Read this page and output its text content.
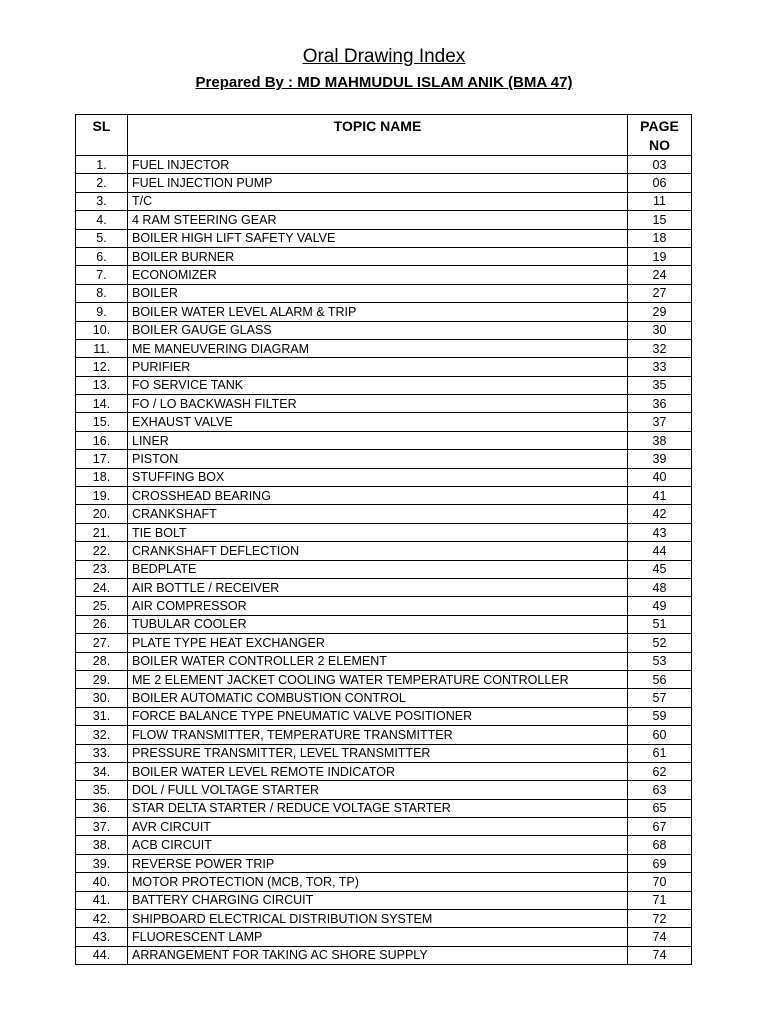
Oral Drawing Index
Prepared By : MD MAHMUDUL ISLAM ANIK (BMA 47)
SL	TOPIC NAME	PAGE
NO
1.	FUEL INJECTOR	03
2.	FUEL INJECTION PUMP	06
3.	T/C	11
4.	4 RAM STEERING GEAR	15
5.	BOILER HIGH LIFT SAFETY VALVE	18
6.	BOILER BURNER	19
7.	ECONOMIZER	24
8.	BOILER	27
9.	BOILER WATER LEVEL ALARM & TRIP	29
10.	BOILER GAUGE GLASS	30
11.	ME MANEUVERING DIAGRAM	32
12.	PURIFIER	33
13.	FO SERVICE TANK	35
14.	FO / LO BACKWASH FILTER	36
15.	EXHAUST VALVE	37
16.	LINER	38
17.	PISTON	39
18.	STUFFING BOX	40
19.	CROSSHEAD BEARING	41
20.	CRANKSHAFT	42
21.	TIE BOLT	43
22.	CRANKSHAFT DEFLECTION	44
23.	BEDPLATE	45
24.	AIR BOTTLE / RECEIVER	48
25.	AIR COMPRESSOR	49
26.	TUBULAR COOLER	51
27.	PLATE TYPE HEAT EXCHANGER	52
28.	BOILER WATER CONTROLLER 2 ELEMENT	53
29.	ME 2 ELEMENT JACKET COOLING WATER TEMPERATURE CONTROLLER	56
30.	BOILER AUTOMATIC COMBUSTION CONTROL	57
31.	FORCE BALANCE TYPE PNEUMATIC VALVE POSITIONER	59
32.	FLOW TRANSMITTER, TEMPERATURE TRANSMITTER	60
33.	PRESSURE TRANSMITTER, LEVEL TRANSMITTER	61
34.	BOILER WATER LEVEL REMOTE INDICATOR	62
35.	DOL / FULL VOLTAGE STARTER	63
36.	STAR DELTA STARTER / REDUCE VOLTAGE STARTER	65
37.	AVR CIRCUIT	67
38.	ACB CIRCUIT	68
39.	REVERSE POWER TRIP	69
40.	MOTOR PROTECTION (MCB, TOR, TP)	70
41.	BATTERY CHARGING CIRCUIT	71
42.	SHIPBOARD ELECTRICAL DISTRIBUTION SYSTEM	72
43.	FLUORESCENT LAMP	74
44.	ARRANGEMENT FOR TAKING AC SHORE SUPPLY	74
